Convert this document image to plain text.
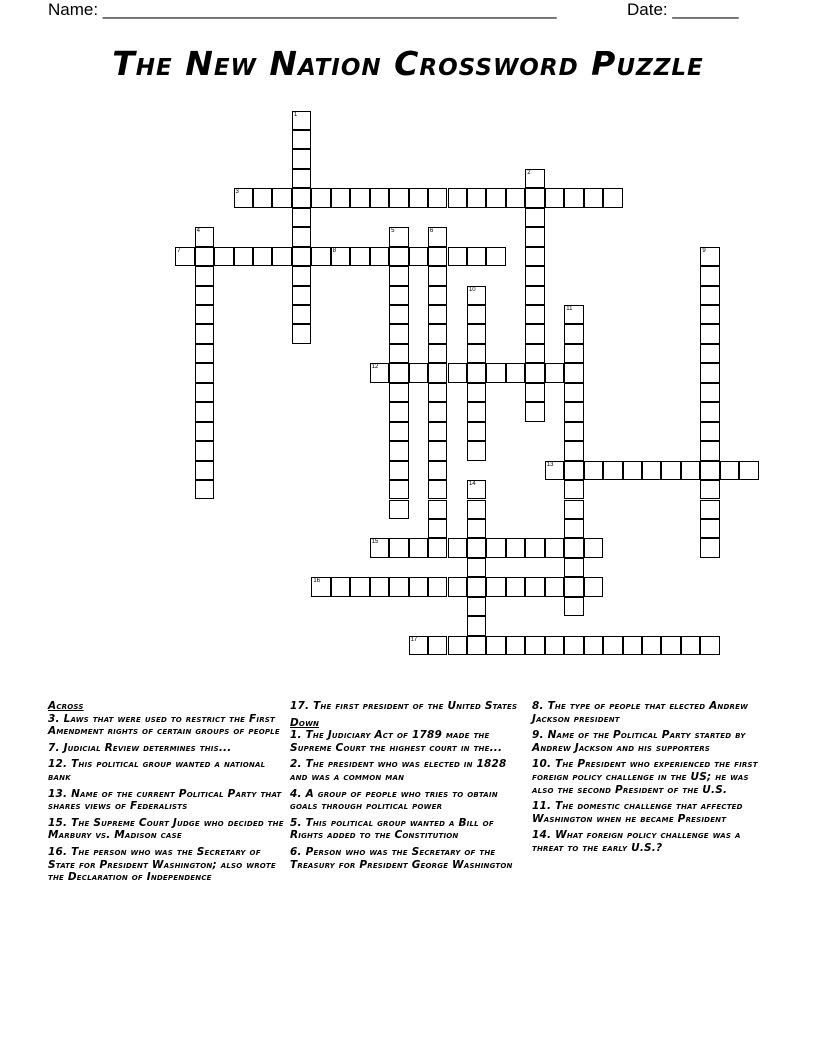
Name: ________________________________________________	Date: _______
The New Nation Crossword Puzzle
1
2
3
4	5	6
7	8	9
10
11
12
13
14
15
16
17
Across
3. Laws that were used to restrict the First Amendment rights of certain groups of people
7. Judicial Review determines this...
12. This political group wanted a national bank
13. Name of the current Political Party that shares views of Federalists
15. The Supreme Court Judge who decided the Marbury vs. Madison case
16. The person who was the Secretary of State for President Washington; also wrote the Declaration of Independence
17. The first president of the United States
Down
1. The Judiciary Act of 1789 made the Supreme Court the highest court in the...
2. The president who was elected in 1828 and was a common man
4. A group of people who tries to obtain goals through political power
5. This political group wanted a Bill of Rights added to the Constitution
6. Person who was the Secretary of the Treasury for President George Washington
8. The type of people that elected Andrew Jackson president
9. Name of the Political Party started by Andrew Jackson and his supporters
10. The President who experienced the first foreign policy challenge in the US; he was also the second President of the U.S.
11. The domestic challenge that affected Washington when he became President
14. What foreign policy challenge was a threat to the early U.S.?
